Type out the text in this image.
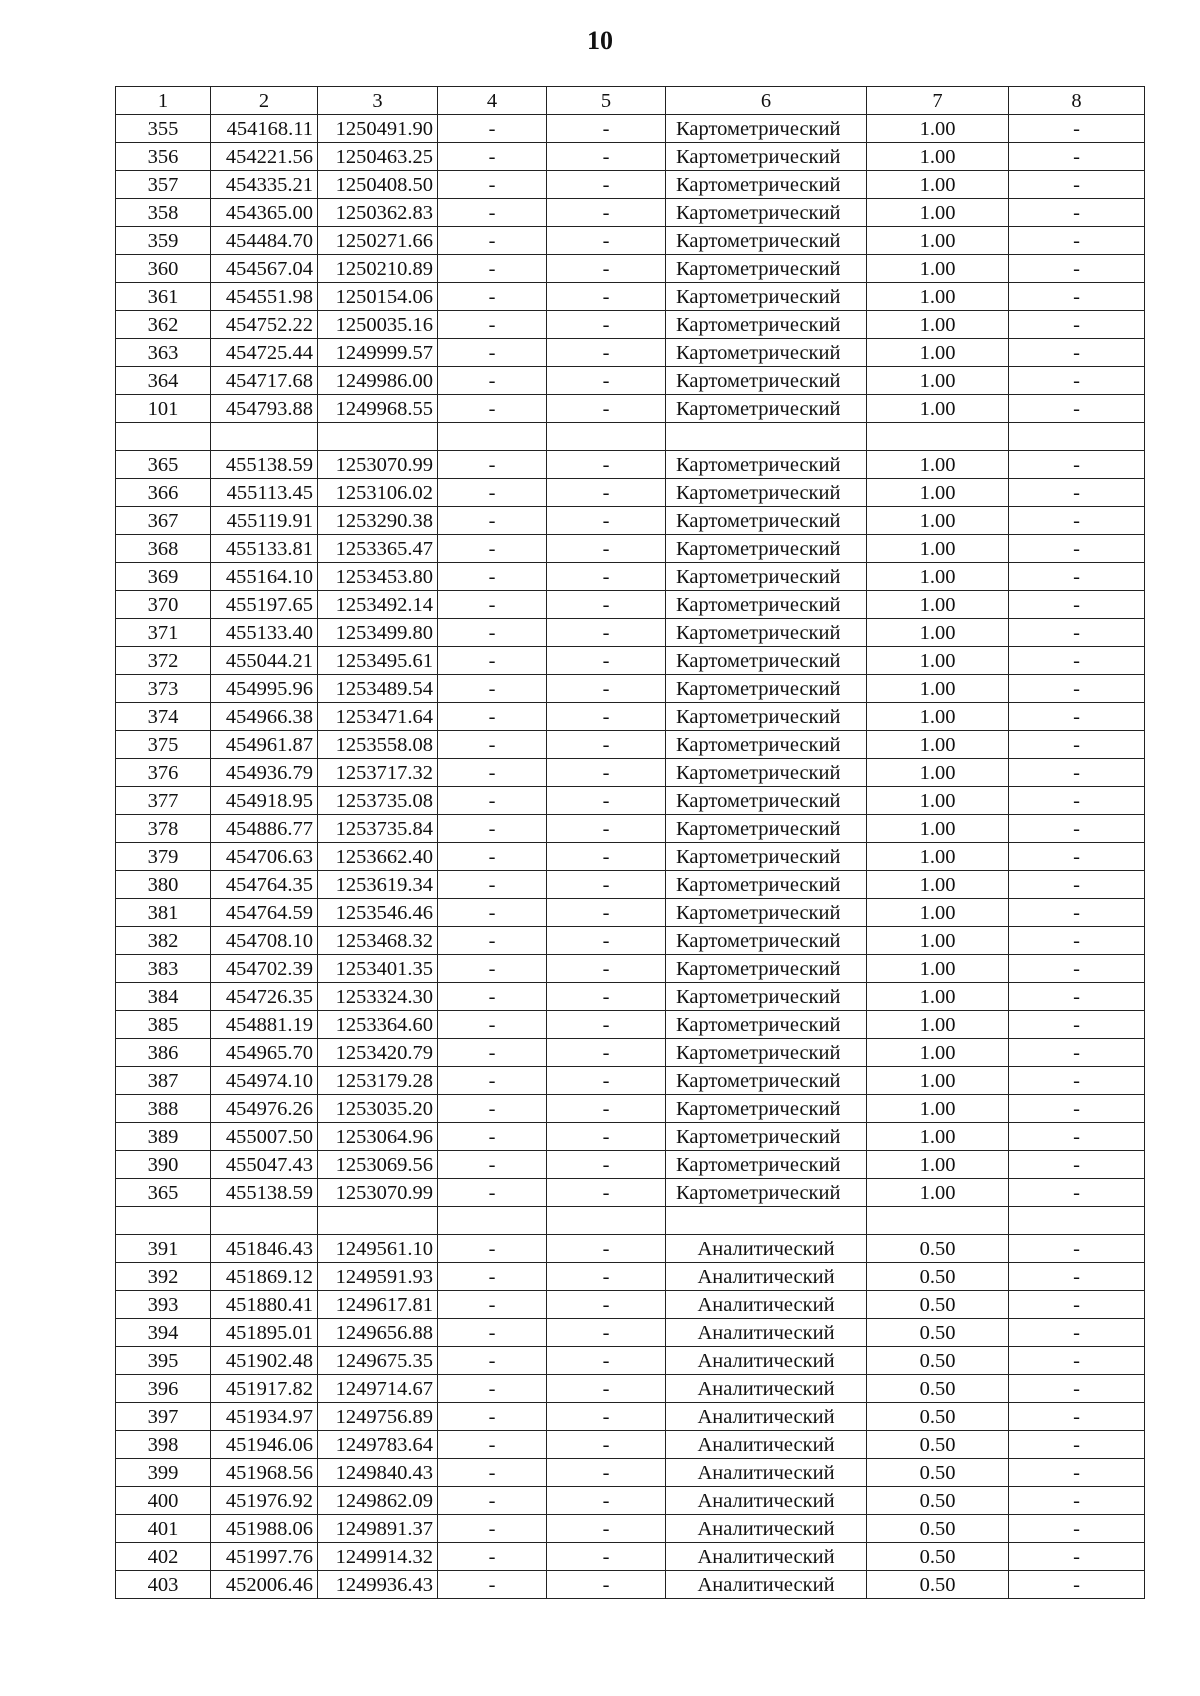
10
1	2	3	4	5	6	7	8
355	454168.11	1250491.90	-	-	Картометрический	1.00	-
356	454221.56	1250463.25	-	-	Картометрический	1.00	-
357	454335.21	1250408.50	-	-	Картометрический	1.00	-
358	454365.00	1250362.83	-	-	Картометрический	1.00	-
359	454484.70	1250271.66	-	-	Картометрический	1.00	-
360	454567.04	1250210.89	-	-	Картометрический	1.00	-
361	454551.98	1250154.06	-	-	Картометрический	1.00	-
362	454752.22	1250035.16	-	-	Картометрический	1.00	-
363	454725.44	1249999.57	-	-	Картометрический	1.00	-
364	454717.68	1249986.00	-	-	Картометрический	1.00	-
101	454793.88	1249968.55	-	-	Картометрический	1.00	-

365	455138.59	1253070.99	-	-	Картометрический	1.00	-
366	455113.45	1253106.02	-	-	Картометрический	1.00	-
367	455119.91	1253290.38	-	-	Картометрический	1.00	-
368	455133.81	1253365.47	-	-	Картометрический	1.00	-
369	455164.10	1253453.80	-	-	Картометрический	1.00	-
370	455197.65	1253492.14	-	-	Картометрический	1.00	-
371	455133.40	1253499.80	-	-	Картометрический	1.00	-
372	455044.21	1253495.61	-	-	Картометрический	1.00	-
373	454995.96	1253489.54	-	-	Картометрический	1.00	-
374	454966.38	1253471.64	-	-	Картометрический	1.00	-
375	454961.87	1253558.08	-	-	Картометрический	1.00	-
376	454936.79	1253717.32	-	-	Картометрический	1.00	-
377	454918.95	1253735.08	-	-	Картометрический	1.00	-
378	454886.77	1253735.84	-	-	Картометрический	1.00	-
379	454706.63	1253662.40	-	-	Картометрический	1.00	-
380	454764.35	1253619.34	-	-	Картометрический	1.00	-
381	454764.59	1253546.46	-	-	Картометрический	1.00	-
382	454708.10	1253468.32	-	-	Картометрический	1.00	-
383	454702.39	1253401.35	-	-	Картометрический	1.00	-
384	454726.35	1253324.30	-	-	Картометрический	1.00	-
385	454881.19	1253364.60	-	-	Картометрический	1.00	-
386	454965.70	1253420.79	-	-	Картометрический	1.00	-
387	454974.10	1253179.28	-	-	Картометрический	1.00	-
388	454976.26	1253035.20	-	-	Картометрический	1.00	-
389	455007.50	1253064.96	-	-	Картометрический	1.00	-
390	455047.43	1253069.56	-	-	Картометрический	1.00	-
365	455138.59	1253070.99	-	-	Картометрический	1.00	-

391	451846.43	1249561.10	-	-	Аналитический	0.50	-
392	451869.12	1249591.93	-	-	Аналитический	0.50	-
393	451880.41	1249617.81	-	-	Аналитический	0.50	-
394	451895.01	1249656.88	-	-	Аналитический	0.50	-
395	451902.48	1249675.35	-	-	Аналитический	0.50	-
396	451917.82	1249714.67	-	-	Аналитический	0.50	-
397	451934.97	1249756.89	-	-	Аналитический	0.50	-
398	451946.06	1249783.64	-	-	Аналитический	0.50	-
399	451968.56	1249840.43	-	-	Аналитический	0.50	-
400	451976.92	1249862.09	-	-	Аналитический	0.50	-
401	451988.06	1249891.37	-	-	Аналитический	0.50	-
402	451997.76	1249914.32	-	-	Аналитический	0.50	-
403	452006.46	1249936.43	-	-	Аналитический	0.50	-
